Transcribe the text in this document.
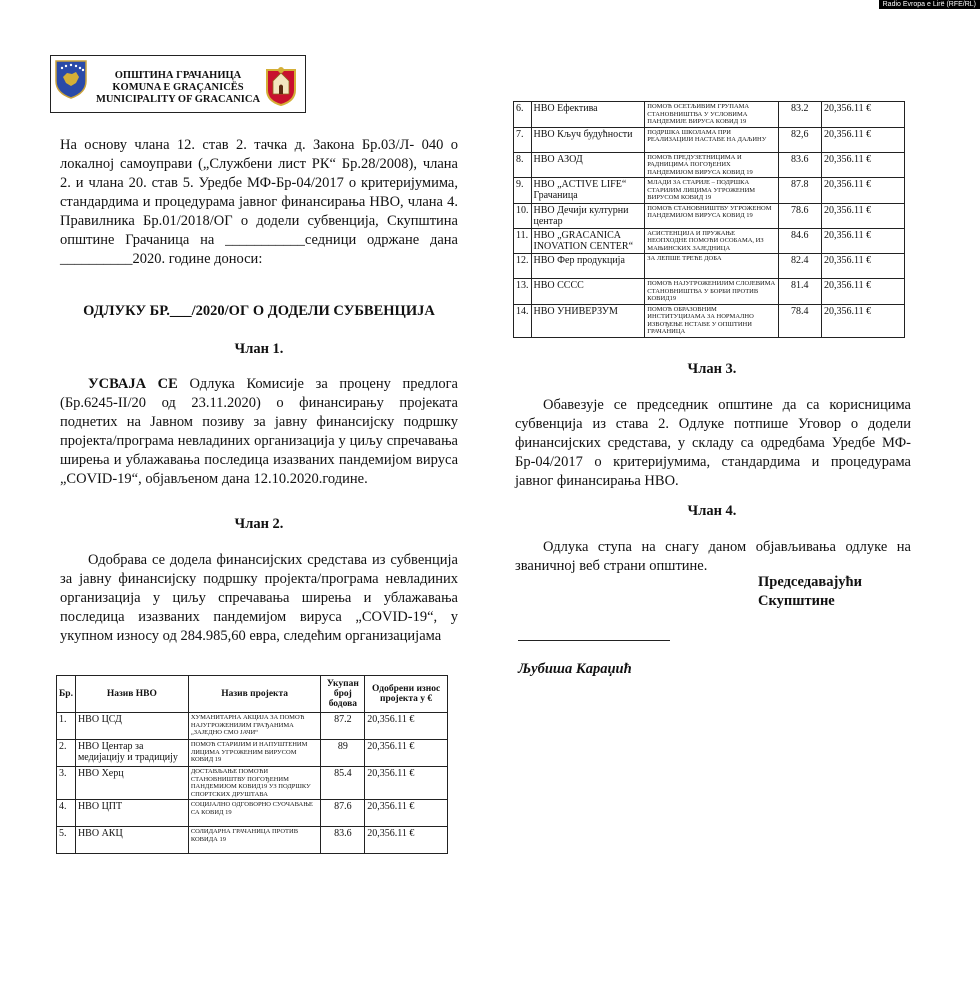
Radio Evropa e Lirë (RFE/RL)
ОПШТИНА ГРАЧАНИЦА
KOMUNA E GRAÇANICËS
MUNICIPALITY OF GRACANICA
На основу члана 12. став 2. тачка д. Закона Бр.03/Л- 040 о локалној самоуправи („Службени лист РК“ Бр.28/2008), члана 2. и члана 20. став 5. Уредбе МФ-Бр-04/2017 о критеријумима, стандардима и процедурама јавног финансирања НВО, члана 4. Правилника Бр.01/2018/ОГ о додели субвенција, Скупштина општине Грачаница на ___________седници одржане дана __________2020. године доноси:
ОДЛУКУ БР.___/2020/ОГ О ДОДЕЛИ СУБВЕНЦИЈА
Члан 1.
УСВАЈА СЕ Одлука Комисије за процену предлога (Бр.6245-II/20 од 23.11.2020) о финансирању пројеката поднетих на Јавном позиву за јавну финансијску подршку пројекта/програма невладиних организација у циљу спречавања ширења и ублажавања последица изазваних пандемијом вируса „COVID-19“, објављеном дана 12.10.2020.године.
Члан 2.
Одобрава се додела финансијских средстава из субвенција за јавну финансијску подршку пројекта/програма невладиних организација у циљу спречавања ширења и ублажавања последица изазваних пандемијом вируса „COVID-19“, у укупном износу од 284.985,60 евра, следећим организацијама
Бр.	Назив НВО	Назив пројекта	Укупан број бодова	Одобрени износ пројекта у €
1.	НВО ЦСД	ХУМАНИТАРНА АКЦИЈА ЗА ПОМОЋ НАЈУГРОЖЕНИЈИМ ГРАЂАНИМА „ЗАЈЕДНО СМО ЈАЧИ“	87.2	20,356.11 €
2.	НВО Центар за медијацију и традицију	ПОМОЋ СТАРИЈИМ И НАПУШТЕНИМ ЛИЦИМА УГРОЖЕНИМ ВИРУСОМ КОВИД 19	89	20,356.11 €
3.	НВО Херц	ДОСТАВЉАЊЕ ПОМОЋИ СТАНОВНИШТВУ ПОГОЂЕНИМ ПАНДЕМИЈОМ КОВИД19 УЗ ПОДРШКУ СПОРТСКИХ ДРУШТАВА	85.4	20,356.11 €
4.	НВО ЦПТ	СОЦИЈАЛНО ОДГОВОРНО СУОЧАВАЊЕ СА КОВИД 19	87.6	20,356.11 €
5.	НВО АКЦ	СОЛИДАРНА ГРАЧАНИЦА ПРОТИВ КОВИДА 19	83.6	20,356.11 €
6.	НВО Ефектива	ПОМОЋ ОСЕТЉИВИМ ГРУПАМА СТАНОВНИШТВА У УСЛОВИМА ПАНДЕМИЈЕ ВИРУСА КОВИД 19	83.2	20,356.11 €
7.	НВО Кључ будућности	ПОДРШКА ШКОЛАМА ПРИ РЕАЛИЗАЦИЈИ НАСТАВЕ НА ДАЉИНУ	82,6	20,356.11 €
8.	НВО АЗОД	ПОМОЋ ПРЕДУЗЕТНИЦИМА И РАДНИЦИМА ПОГОЂЕНИХ ПАНДЕМИЈОМ ВИРУСА КОВИД 19	83.6	20,356.11 €
9.	НВО „ACTIVE LIFE“ Грачаница	МЛАДИ ЗА СТАРИЈЕ – ПОДРШКА СТАРИЈИМ ЛИЦИМА УГРОЖЕНИМ ВИРУСОМ КОВИД 19	87.8	20,356.11 €
10.	НВО Дечији културни центар	ПОМОЋ СТАНОВНИШТВУ УГРОЖЕНОМ ПАНДЕМИЈОМ ВИРУСА КОВИД 19	78.6	20,356.11 €
11.	НВО „GRACANICA INOVATION CENTER“	АСИСТЕНЦИЈА И ПРУЖАЊЕ НЕОПХОДНЕ ПОМОЋИ ОСОБАМА, ИЗ МАЊИНСКИХ ЗАЈЕДНИЦА	84.6	20,356.11 €
12.	НВО Фер продукција	ЗА ЛЕПШЕ ТРЕЋЕ ДОБА	82.4	20,356.11 €
13.	НВО СССС	ПОМОЋ НАЈУГРОЖЕНИЈИМ СЛОЈЕВИМА СТАНОВНИШТВА У БОРБИ ПРОТИВ КОВИД19	81.4	20,356.11 €
14.	НВО УНИВЕРЗУМ	ПОМОЋ ОБРАЗОВНИМ ИНСТИТУЦИЈАМА ЗА НОРМАЛНО ИЗВОЂЕЊЕ НСТАВЕ У ОПШТИНИ ГРАЧАНИЦА	78.4	20,356.11 €
Члан 3.
Обавезује се председник општине да са корисницима субвенција из става 2. Одлуке потпише Уговор о додели финансијских средстава, у складу са одредбама Уредбе МФ-Бр-04/2017 о критеријумима, стандардима и процедурама јавног финансирања НВО.
Члан 4.
Одлука ступа на снагу даном објављивања одлуке на званичној веб страни општине.
Председавајући
Скупштине
Љубиша Караџић
